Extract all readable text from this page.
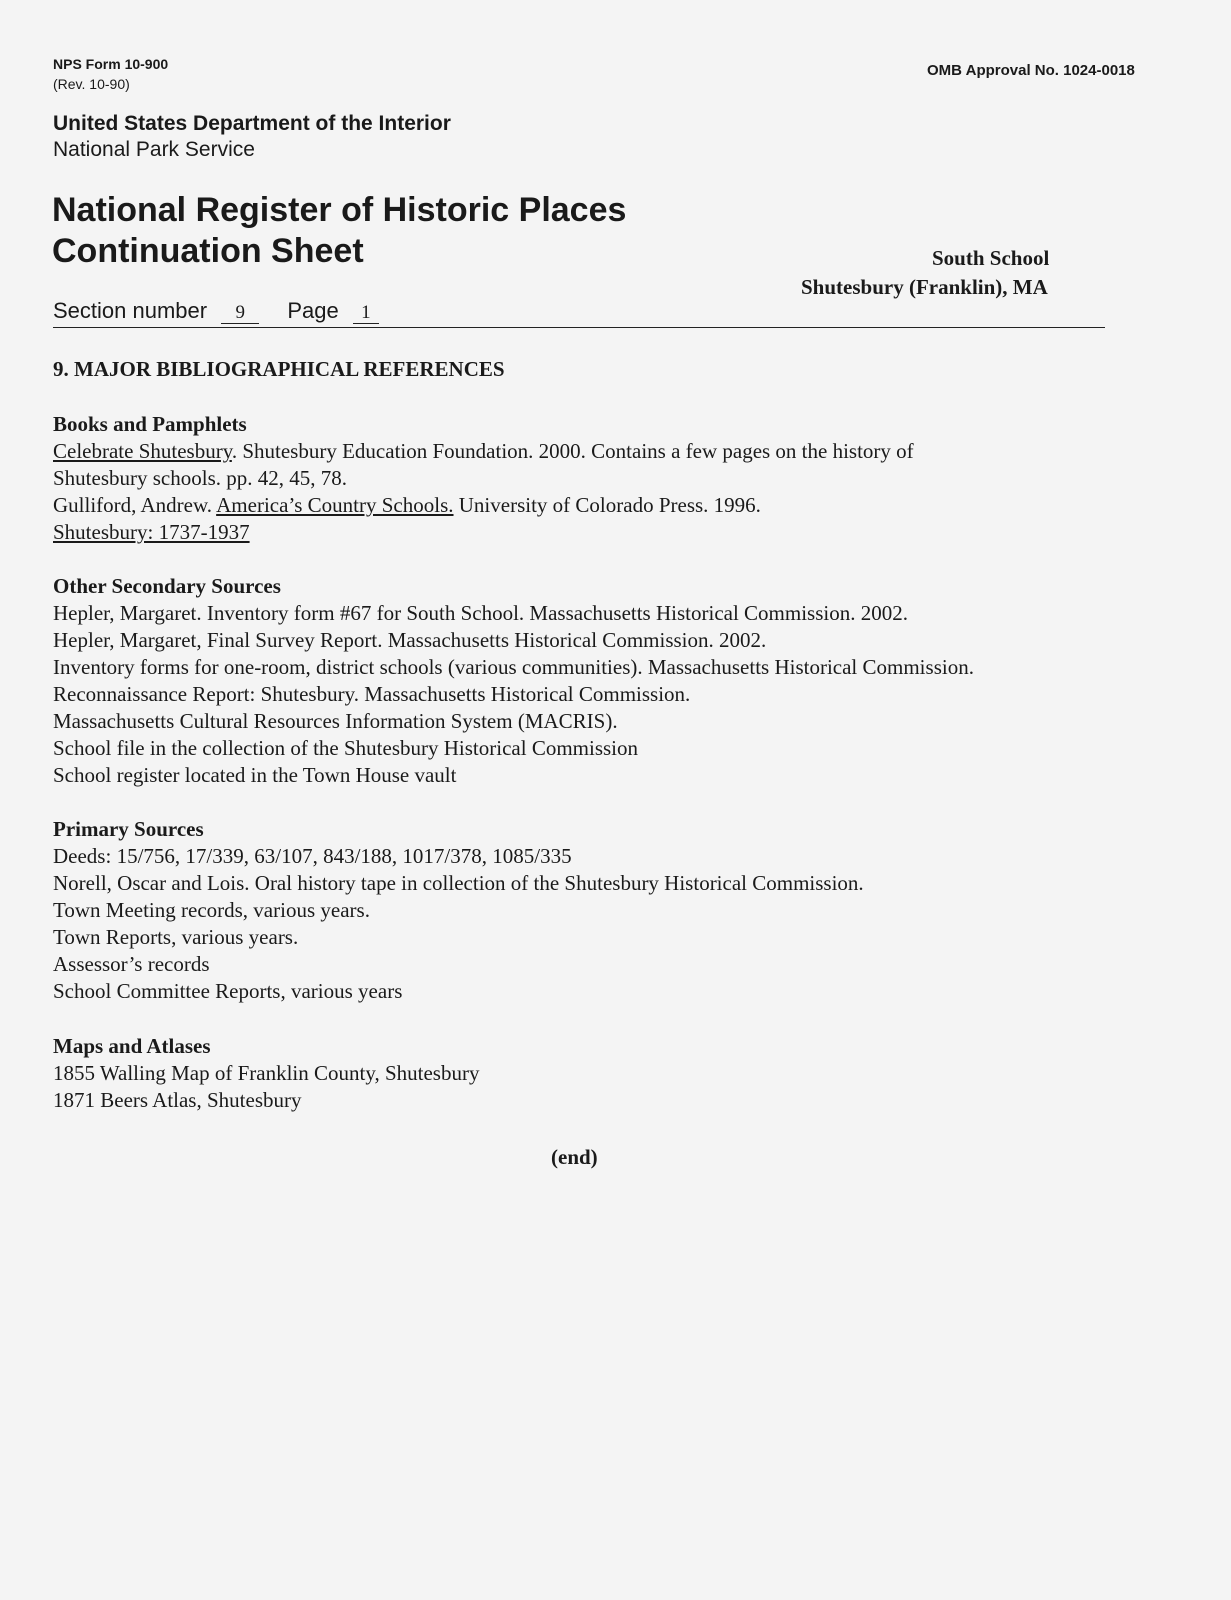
NPS Form 10-900
(Rev. 10-90)
OMB Approval No. 1024-0018
United States Department of the Interior
National Park Service
National Register of Historic Places
Continuation Sheet	South School
Shutesbury (Franklin), MA
Section number 9 Page 1
9. MAJOR BIBLIOGRAPHICAL REFERENCES
Books and Pamphlets
Celebrate Shutesbury. Shutesbury Education Foundation. 2000. Contains a few pages on the history of
Shutesbury schools. pp. 42, 45, 78.
Gulliford, Andrew. America’s Country Schools. University of Colorado Press. 1996.
Shutesbury: 1737-1937
Other Secondary Sources
Hepler, Margaret. Inventory form #67 for South School. Massachusetts Historical Commission. 2002.
Hepler, Margaret, Final Survey Report. Massachusetts Historical Commission. 2002.
Inventory forms for one-room, district schools (various communities). Massachusetts Historical Commission.
Reconnaissance Report: Shutesbury. Massachusetts Historical Commission.
Massachusetts Cultural Resources Information System (MACRIS).
School file in the collection of the Shutesbury Historical Commission
School register located in the Town House vault
Primary Sources
Deeds: 15/756, 17/339, 63/107, 843/188, 1017/378, 1085/335
Norell, Oscar and Lois. Oral history tape in collection of the Shutesbury Historical Commission.
Town Meeting records, various years.
Town Reports, various years.
Assessor’s records
School Committee Reports, various years
Maps and Atlases
1855 Walling Map of Franklin County, Shutesbury
1871 Beers Atlas, Shutesbury
(end)
